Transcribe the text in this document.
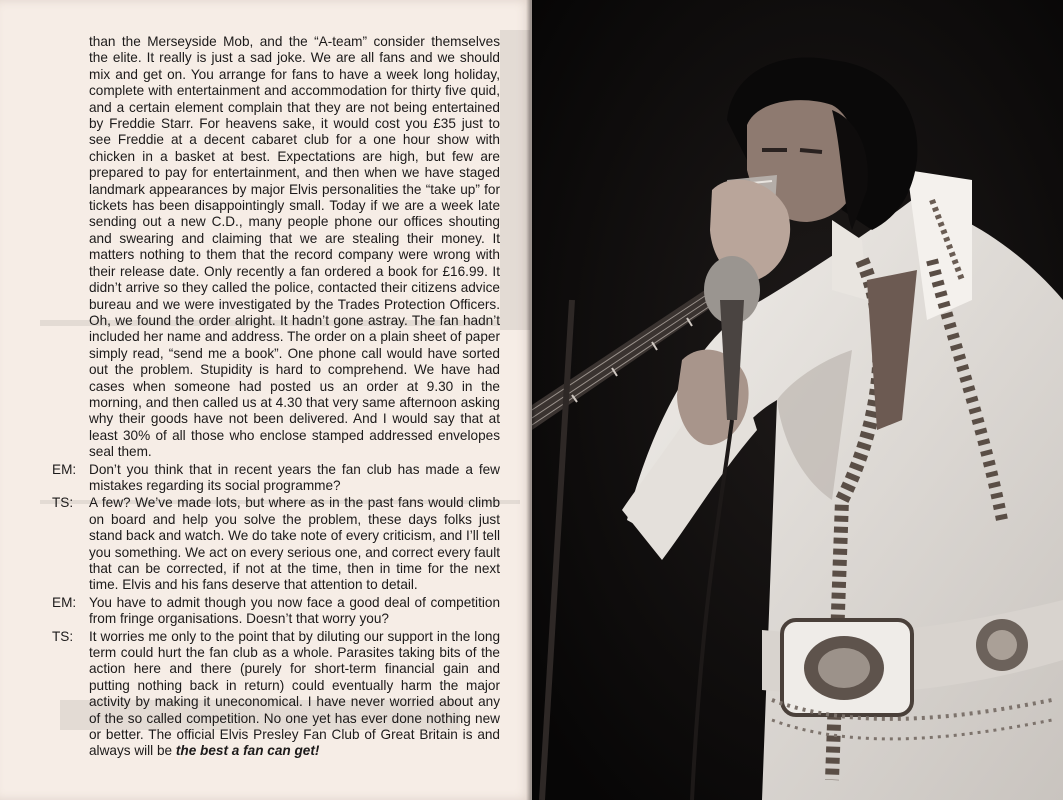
than the Merseyside Mob, and the “A-team” consider themselves the elite. It really is just a sad joke. We are all fans and we should mix and get on. You arrange for fans to have a week long holiday, complete with entertainment and accommodation for thirty five quid, and a certain element complain that they are not being entertained by Freddie Starr. For heavens sake, it would cost you £35 just to see Freddie at a decent cabaret club for a one hour show with chicken in a basket at best. Expectations are high, but few are prepared to pay for entertainment, and then when we have staged landmark appearances by major Elvis personalities the “take up” for tickets has been disappointingly small. Today if we are a week late sending out a new C.D., many people phone our offices shouting and swearing and claiming that we are stealing their money. It matters nothing to them that the record company were wrong with their release date. Only recently a fan ordered a book for £16.99. It didn’t arrive so they called the police, contacted their citizens advice bureau and we were investigated by the Trades Protection Officers. Oh, we found the order alright. It hadn’t gone astray. The fan hadn’t included her name and address. The order on a plain sheet of paper simply read, “send me a book”. One phone call would have sorted out the problem. Stupidity is hard to comprehend. We have had cases when someone had posted us an order at 9.30 in the morning, and then called us at 4.30 that very same afternoon asking why their goods have not been delivered. And I would say that at least 30% of all those who enclose stamped addressed envelopes seal them.

EM: Don’t you think that in recent years the fan club has made a few mistakes regarding its social programme?
TS:	A few? We’ve made lots, but where as in the past fans would climb on board and help you solve the problem, these days folks just stand back and watch. We do take note of every criticism, and I’ll tell you something. We act on every serious one, and correct every fault that can be corrected, if not at the time, then in time for the next time. Elvis and his fans deserve that attention to detail.
EM: You have to admit though you now face a good deal of competition from fringe organisations. Doesn’t that worry you?
TS:	It worries me only to the point that by diluting our support in the long term could hurt the fan club as a whole. Parasites taking bits of the action here and there (purely for short-term financial gain and putting nothing back in return) could eventually harm the major activity by making it uneconomical. I have never worried about any of the so called competition. No one yet has ever done nothing new or better. The official Elvis Presley Fan Club of Great Britain is and always will be the best a fan can get!
